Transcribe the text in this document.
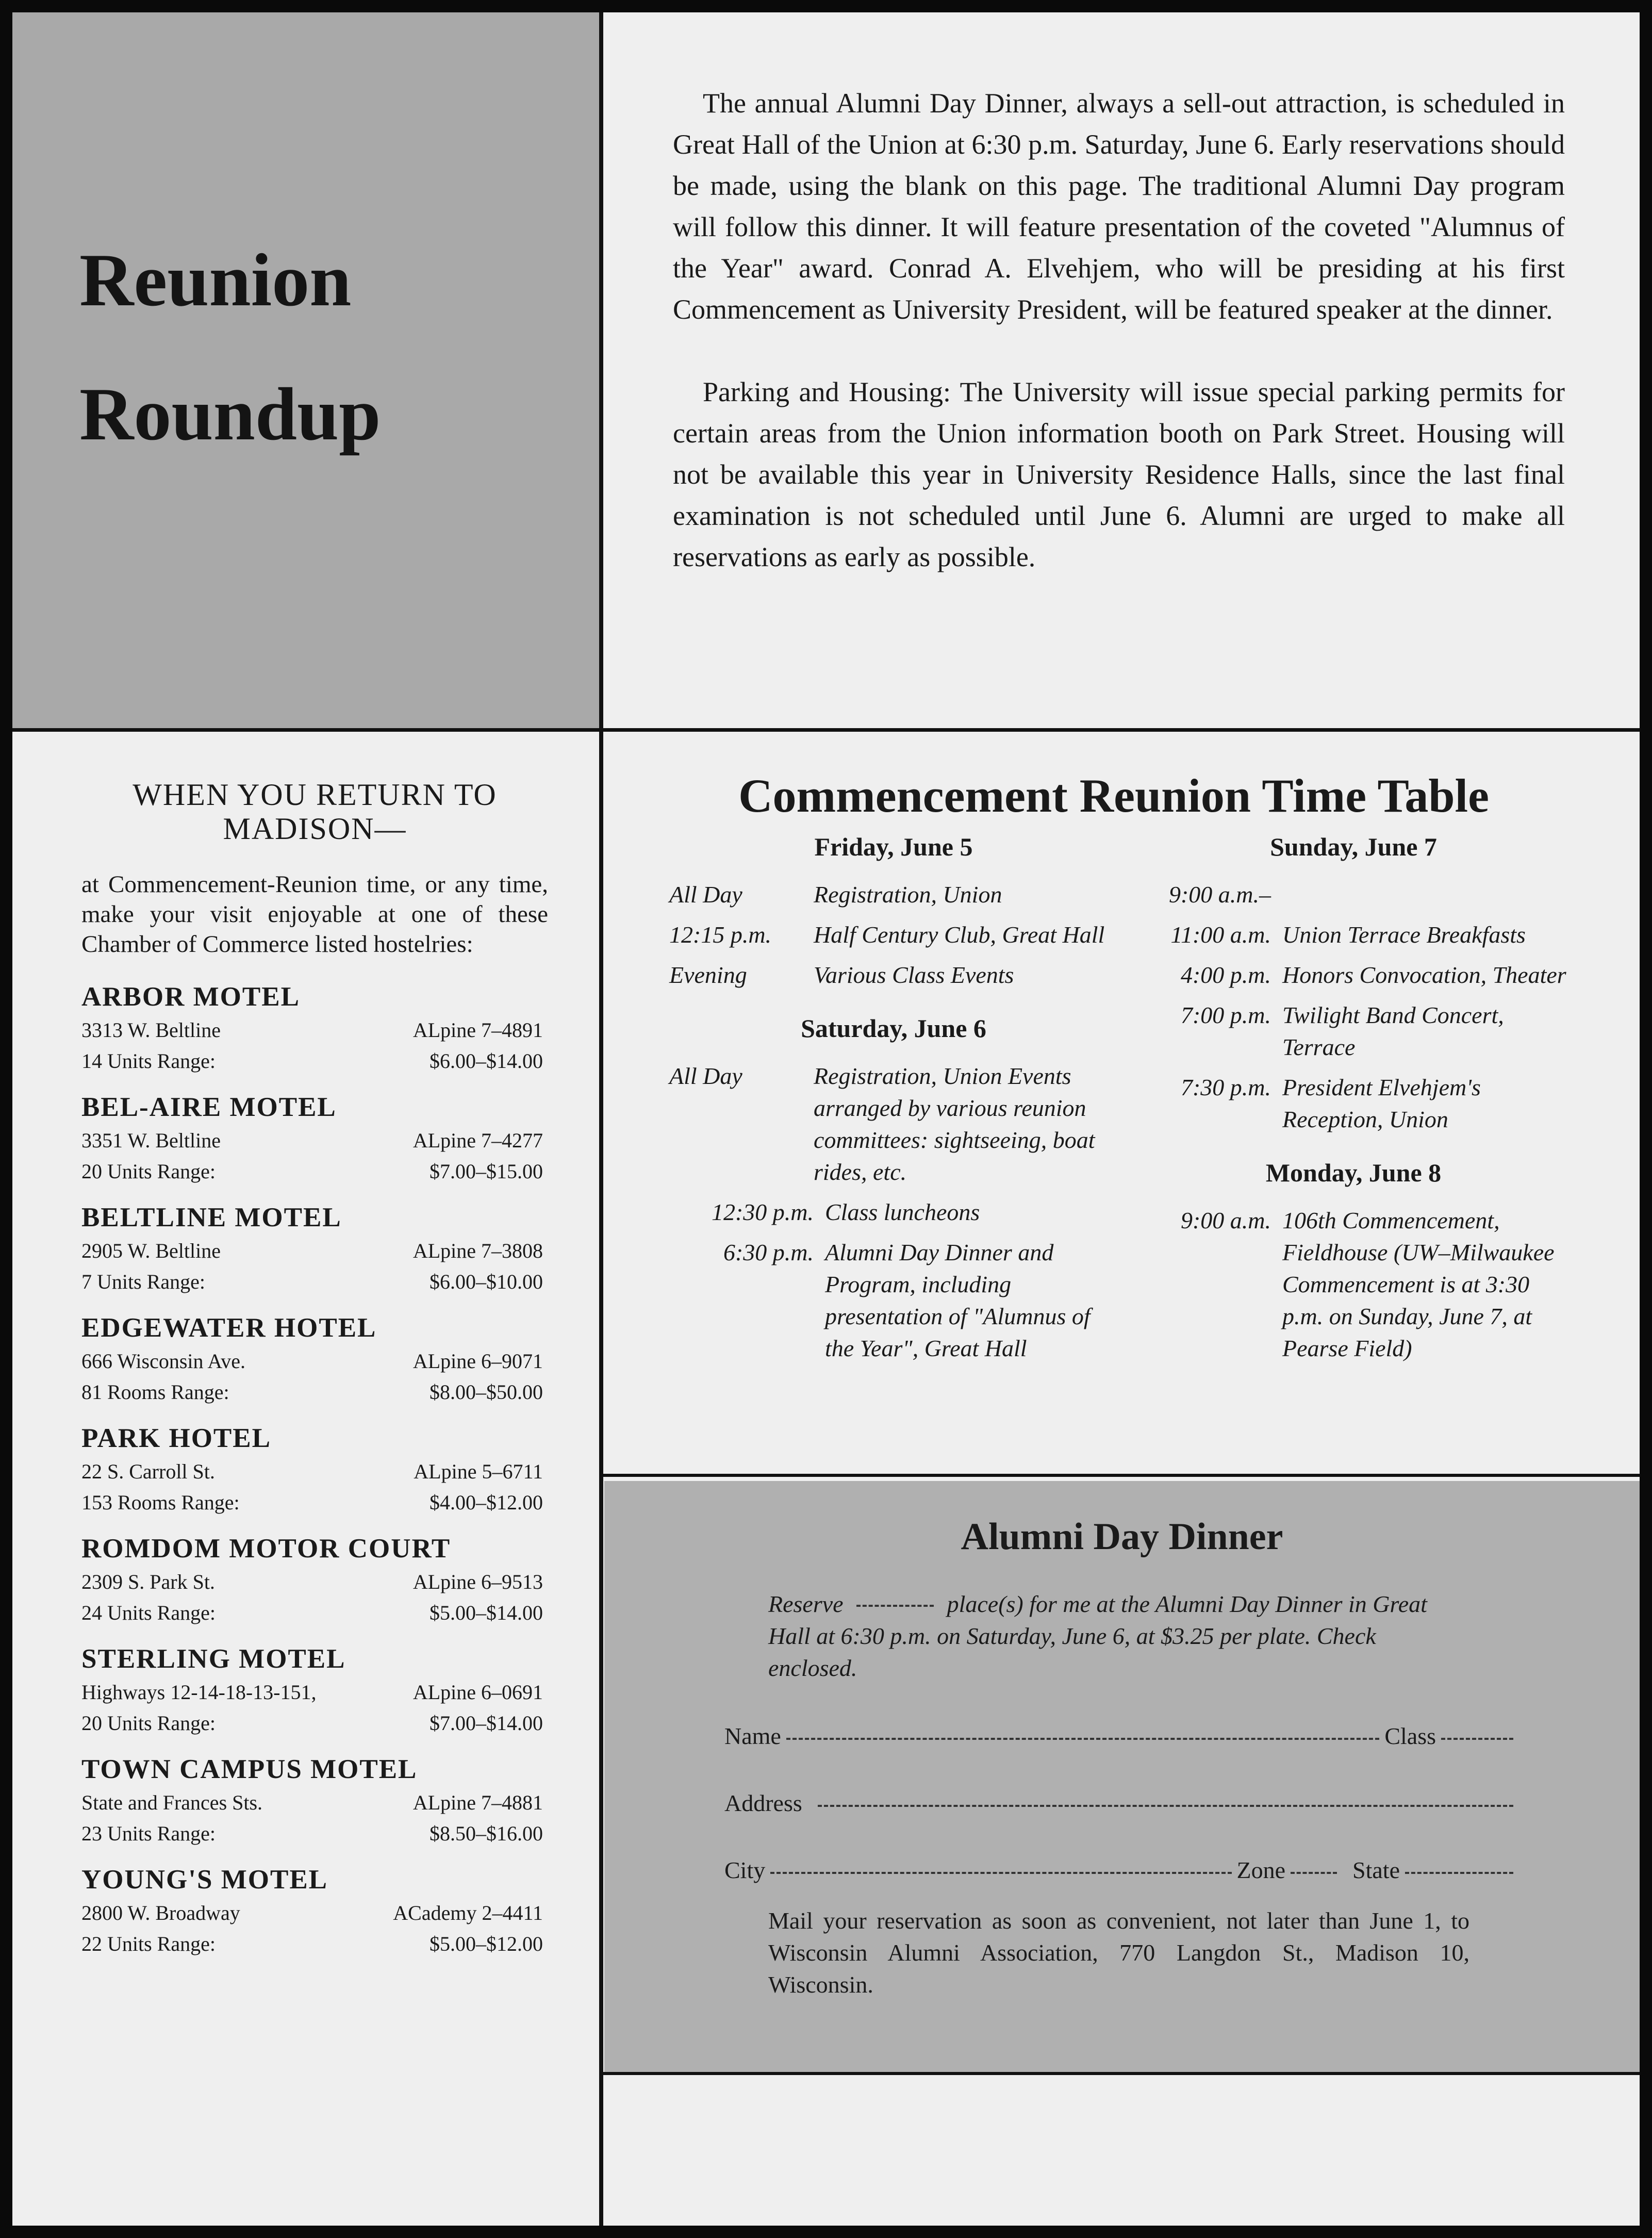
Reunion
Roundup

The annual Alumni Day Dinner, always a sell-out attraction, is scheduled in Great Hall of the Union at 6:30 p.m. Saturday, June 6. Early reservations should be made, using the blank on this page. The traditional Alumni Day program will follow this dinner. It will feature presentation of the coveted "Alumnus of the Year" award. Conrad A. Elvehjem, who will be presiding at his first Commencement as University President, will be featured speaker at the dinner.

Parking and Housing: The University will issue special parking permits for certain areas from the Union information booth on Park Street. Housing will not be available this year in University Residence Halls, since the last final examination is not scheduled until June 6. Alumni are urged to make all reservations as early as possible.

WHEN YOU RETURN TO MADISON—
at Commencement-Reunion time, or any time, make your visit enjoyable at one of these Chamber of Commerce listed hostelries:
ARBOR MOTEL
3313 W. Beltline	ALpine 7–4891
14 Units Range:	$6.00–$14.00
BEL-AIRE MOTEL
3351 W. Beltline	ALpine 7–4277
20 Units Range:	$7.00–$15.00
BELTLINE MOTEL
2905 W. Beltline	ALpine 7–3808
7 Units Range:	$6.00–$10.00
EDGEWATER HOTEL
666 Wisconsin Ave.	ALpine 6–9071
81 Rooms Range:	$8.00–$50.00
PARK HOTEL
22 S. Carroll St.	ALpine 5–6711
153 Rooms Range:	$4.00–$12.00
ROMDOM MOTOR COURT
2309 S. Park St.	ALpine 6–9513
24 Units Range:	$5.00–$14.00
STERLING MOTEL
Highways 12-14-18-13-151,	ALpine 6–0691
20 Units Range:	$7.00–$14.00
TOWN CAMPUS MOTEL
State and Frances Sts.	ALpine 7–4881
23 Units Range:	$8.50–$16.00
YOUNG'S MOTEL
2800 W. Broadway	ACademy 2–4411
22 Units Range:	$5.00–$12.00
Commencement Reunion Time Table
Friday, June 5
All Day	Registration, Union
12:15 p.m.	Half Century Club, Great Hall
Evening	Various Class Events
Saturday, June 6
All Day	Registration, Union Events arranged by various reunion committees: sightseeing, boat rides, etc.
12:30 p.m. Class luncheons
6:30 p.m. Alumni Day Dinner and Program, including presentation of "Alumnus of the Year", Great Hall
Sunday, June 7
9:00 a.m.–
11:00 a.m. Union Terrace Breakfasts
4:00 p.m. Honors Convocation, Theater
7:00 p.m. Twilight Band Concert, Terrace
7:30 p.m. President Elvehjem's Reception, Union
Monday, June 8
9:00 a.m. 106th Commencement, Fieldhouse (UW–Milwaukee Commencement is at 3:30 p.m. on Sunday, June 7, at Pearse Field)
Alumni Day Dinner
Reserve	place(s) for me at the Alumni Day Dinner in Great Hall at 6:30 p.m. on Saturday, June 6, at $3.25 per plate. Check enclosed.
Name	Class
Address
City	Zone	State
Mail your reservation as soon as convenient, not later than June 1, to Wisconsin Alumni Association, 770 Langdon St., Madison 10, Wisconsin.
